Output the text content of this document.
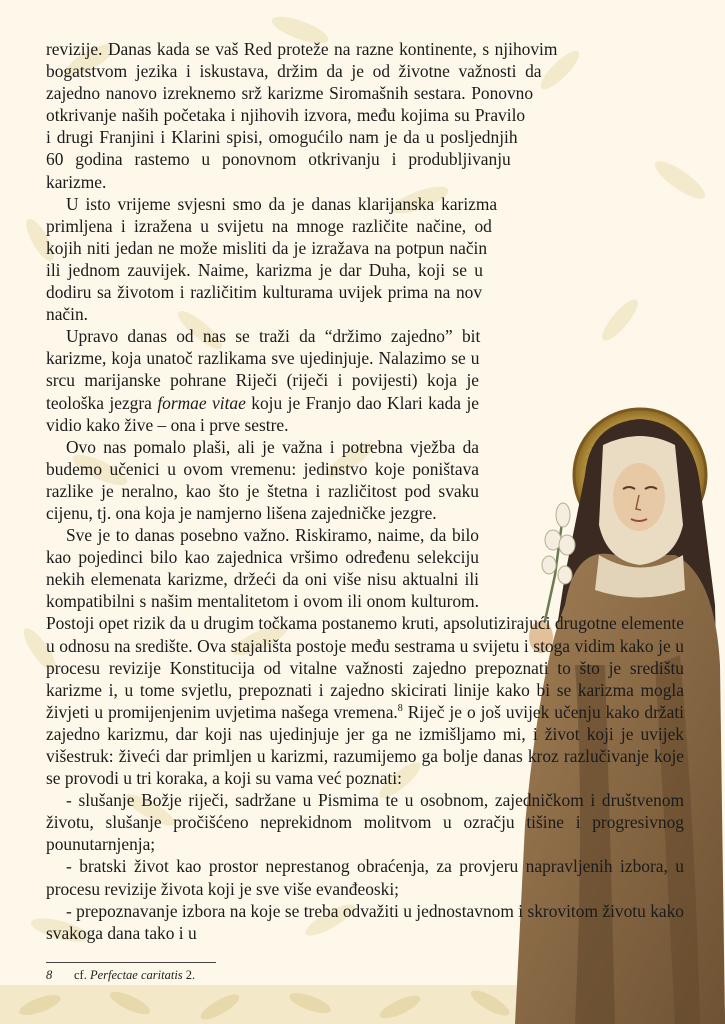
revizije. Danas kada se vaš Red proteže na razne kontinente, s njihovim bogatstvom jezika i iskustava, držim da je od životne važnosti da zajedno nanovo izreknemo srž karizme Siromašnih sestara. Ponovno otkrivanje naših početaka i njihovih izvora, među kojima su Pravilo i drugi Franjini i Klarini spisi, omogućilo nam je da u posljednjih 60 godina rastemo u ponovnom otkrivanju i produbljivanju karizme.

U isto vrijeme svjesni smo da je danas klarijanska karizma primljena i izražena u svijetu na mnoge različite načine, od kojih niti jedan ne može misliti da je izražava na potpun način ili jednom zauvijek. Naime, karizma je dar Duha, koji se u dodiru sa životom i različitim kulturama uvijek prima na nov način.

Upravo danas od nas se traži da “držimo zajedno” bit karizme, koja unatoč razlikama sve ujedinjuje. Nalazimo se u srcu marijanske pohrane Riječi (riječi i povijesti) koja je teološka jezgra formae vitae koju je Franjo dao Klari kada je vidio kako žive – ona i prve sestre.

Ovo nas pomalo plaši, ali je važna i potrebna vježba da budemo učenici u ovom vremenu: jedinstvo koje poništava razlike je neralno, kao što je štetna i različitost pod svaku cijenu, tj. ona koja je namjerno lišena zajedničke jezgre.

Sve je to danas posebno važno. Riskiramo, naime, da bilo kao pojedinci bilo kao zajednica vršimo određenu selekciju nekih elemenata karizme, držeći da oni više nisu aktualni ili kompatibilni s našim mentalitetom i ovom ili onom kulturom. Postoji opet rizik da u drugim točkama postanemo kruti, apsolutizirajući drugotne elemente u odnosu na središte. Ova stajališta postoje među sestrama u svijetu i stoga vidim kako je u procesu revizije Konstitucija od vitalne važnosti zajedno prepoznati to što je središtu karizme i, u tome svjetlu, prepoznati i zajedno skicirati linije kako bi se karizma mogla živjeti u promijenjenim uvjetima našega vremena.$^8$ Riječ je o još uvijek učenju kako držati zajedno karizmu, dar koji nas ujedinjuje jer ga ne izmišljamo mi, i život koji je uvijek višestruk: živeći dar primljen u karizmi, razumijemo ga bolje danas kroz razlučivanje koje se provodi u tri koraka, a koji su vama već poznati:

- slušanje Božje riječi, sadržane u Pismima te u osobnom, zajedničkom i društvenom životu, slušanje pročišćeno neprekidnom molitvom u ozračju tišine i progresivnog pounutarnjenja;

- bratski život kao prostor neprestanog obraćenja, za provjeru napravljenih izbora, u procesu revizije života koji je sve više evanđeoski;

- prepoznavanje izbora na koje se treba odvažiti u jednostavnom i skrovitom životu kako svakoga dana tako i u

8 cf. Perfectae caritatis 2.
